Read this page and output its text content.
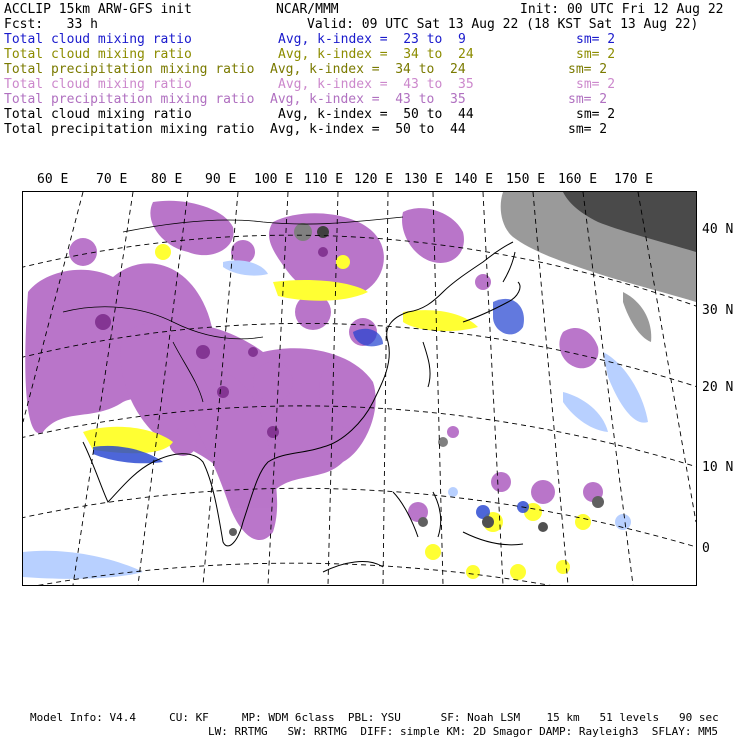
ACCLIP 15km ARW-GFS init	NCAR/MMM	Init: 00 UTC Fri 12 Aug 22
Fcst:   33 h	Valid: 09 UTC Sat 13 Aug 22 (18 KST Sat 13 Aug 22)
Total cloud mixing ratio	Avg, k-index =  23 to  9	sm= 2
Total cloud mixing ratio	Avg, k-index =  34 to  24	sm= 2
Total precipitation mixing ratio Avg, k-index =  34 to  24	sm= 2
Total cloud mixing ratio	Avg, k-index =  43 to  35	sm= 2
Total precipitation mixing ratio Avg, k-index =  43 to  35	sm= 2
Total cloud mixing ratio	Avg, k-index =  50 to  44	sm= 2
Total precipitation mixing ratio Avg, k-index =  50 to  44	sm= 2
60 E 70 E 80 E 90 E 100 E 110 E 120 E 130 E 140 E 150 E 160 E 170 E
40 N
30 N
20 N
10 N
0
Model Info: V4.4     CU: KF     MP: WDM 6class  PBL: YSU      SF: Noah LSM    15 km   51 levels   90 sec
LW: RRTMG   SW: RRTMG  DIFF: simple KM: 2D Smagor DAMP: Rayleigh3  SFLAY: MM5
